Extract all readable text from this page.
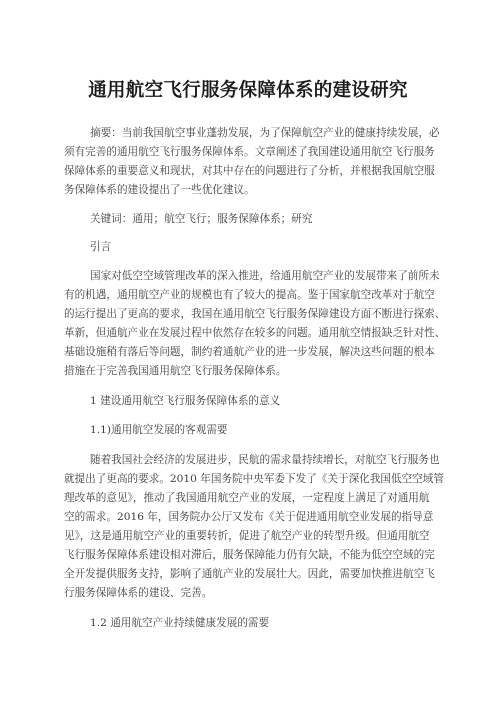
通用航空飞行服务保障体系的建设研究
摘要：当前我国航空事业蓬勃发展，为了保障航空产业的健康持续发展，必
须有完善的通用航空飞行服务保障体系。文章阐述了我国建设通用航空飞行服务
保障体系的重要意义和现状，对其中存在的问题进行了分析，并根据我国航空服
务保障体系的建设提出了一些优化建议。
关键词：通用；航空飞行；服务保障体系；研究
引言
国家对低空空域管理改革的深入推进，给通用航空产业的发展带来了前所未
有的机遇，通用航空产业的规模也有了较大的提高。鉴于国家航空改革对于航空
的运行提出了更高的要求，我国在通用航空飞行服务保障建设方面不断进行探索、
革新，但通航产业在发展过程中依然存在较多的问题。通用航空情报缺乏针对性、
基础设施稍有落后等问题，制约着通航产业的进一步发展，解决这些问题的根本
措施在于完善我国通用航空飞行服务保障体系。
1 建设通用航空飞行服务保障体系的意义
1.1)通用航空发展的客观需要
随着我国社会经济的发展进步，民航的需求量持续增长，对航空飞行服务也
就提出了更高的要求。2010 年国务院中央军委下发了《关于深化我国低空空域管
理改革的意见》，推动了我国通用航空产业的发展，一定程度上满足了对通用航
空的需求。2016 年，国务院办公厅又发布《关于促进通用航空业发展的指导意
见》，这是通用航空产业的重要转折，促进了航空产业的转型升级。但通用航空
飞行服务保障体系建设相对滞后，服务保障能力仍有欠缺，不能为低空空域的完
全开发提供服务支持，影响了通航产业的发展壮大。因此，需要加快推进航空飞
行服务保障体系的建设、完善。
1.2 通用航空产业持续健康发展的需要
